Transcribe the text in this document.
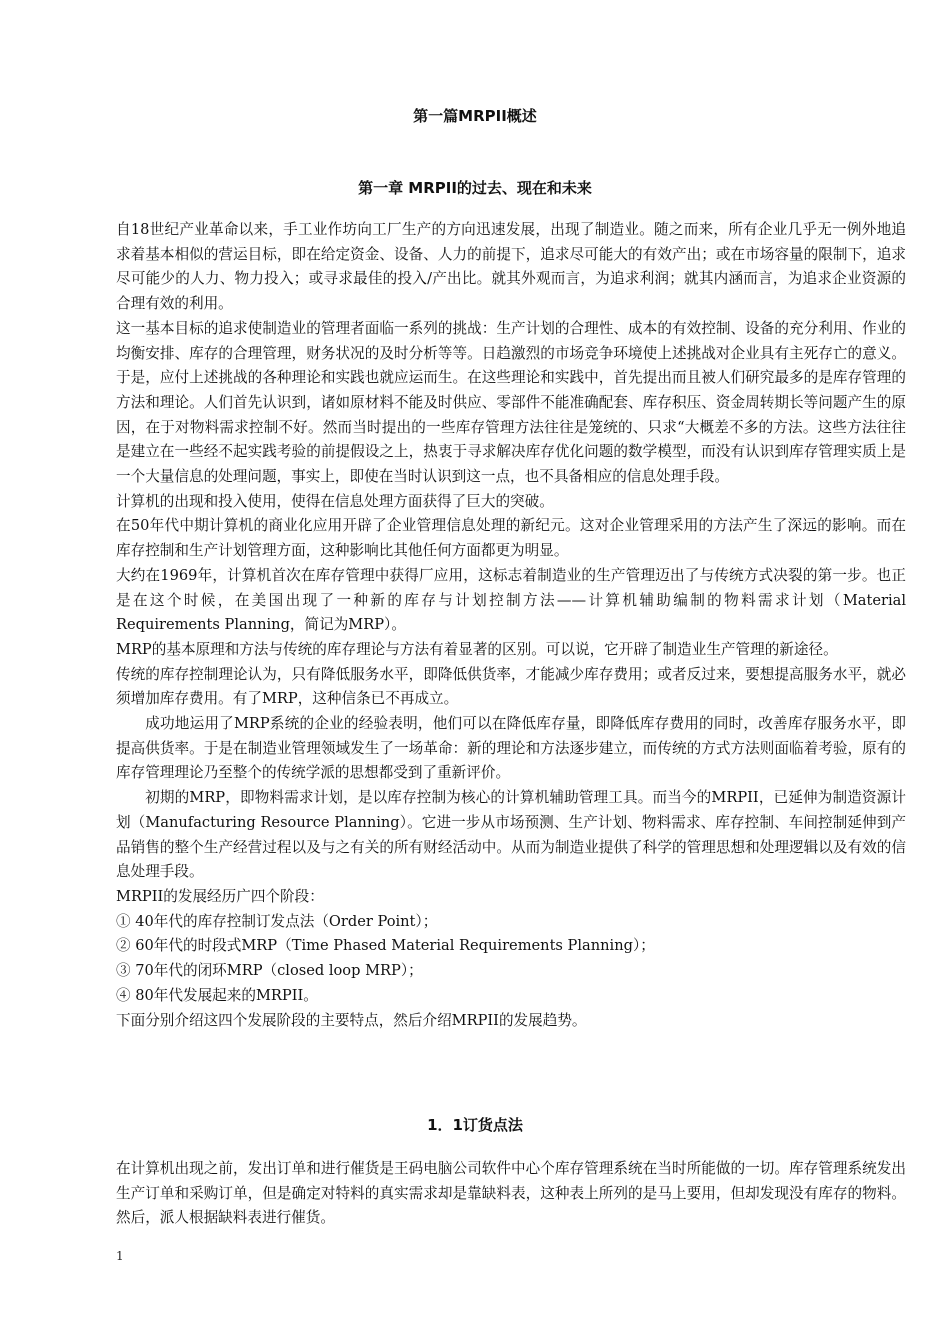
第一篇MRPII概述
第一章 MRPII的过去、现在和未来

自18世纪产业革命以来，手工业作坊向工厂生产的方向迅速发展，出现了制造业。随之而来，所有企业几乎无一例外地追求着基本相似的营运目标，即在给定资金、设备、人力的前提下，追求尽可能大的有效产出；或在市场容量的限制下，追求尽可能少的人力、物力投入；或寻求最佳的投入/产出比。就其外观而言，为追求利润；就其内涵而言，为追求企业资源的合理有效的利用。

这一基本目标的追求使制造业的管理者面临一系列的挑战：生产计划的合理性、成本的有效控制、设备的充分利用、作业的均衡安排、库存的合理管理，财务状况的及时分析等等。日趋激烈的市场竞争环境使上述挑战对企业具有主死存亡的意义。于是，应付上述挑战的各种理论和实践也就应运而生。在这些理论和实践中，首先提出而且被人们研究最多的是库存管理的方法和理论。人们首先认识到，诸如原材料不能及时供应、零部件不能准确配套、库存积压、资金周转期长等问题产生的原因，在于对物料需求控制不好。然而当时提出的一些库存管理方法往往是笼统的、只求“大概差不多的方法。这些方法往往是建立在一些经不起实践考验的前提假设之上，热衷于寻求解决库存优化问题的数学模型，而没有认识到库存管理实质上是一个大量信息的处理问题，事实上，即使在当时认识到这一点，也不具备相应的信息处理手段。

计算机的出现和投入使用，使得在信息处理方面获得了巨大的突破。

在50年代中期计算机的商业化应用开辟了企业管理信息处理的新纪元。这对企业管理采用的方法产生了深远的影响。而在库存控制和生产计划管理方面，这种影响比其他任何方面都更为明显。

大约在1969年，计算机首次在库存管理中获得厂应用，这标志着制造业的生产管理迈出了与传统方式决裂的第一步。也正是在这个时候，在美国出现了一种新的库存与计划控制方法——计算机辅助编制的物料需求计划（Material Requirements Planning，简记为MRP）。

MRP的基本原理和方法与传统的库存理论与方法有着显著的区别。可以说，它开辟了制造业生产管理的新途径。

传统的库存控制理论认为，只有降低服务水平，即降低供货率，才能减少库存费用；或者反过来，要想提高服务水平，就必须增加库存费用。有了MRP，这种信条已不再成立。

成功地运用了MRP系统的企业的经验表明，他们可以在降低库存量，即降低库存费用的同时，改善库存服务水平，即提高供货率。于是在制造业管理领域发生了一场革命：新的理论和方法逐步建立，而传统的方式方法则面临着考验，原有的库存管理理论乃至整个的传统学派的思想都受到了重新评价。

初期的MRP，即物料需求计划，是以库存控制为核心的计算机辅助管理工具。而当今的MRPII，已延伸为制造资源计划（Manufacturing Resource Planning）。它进一步从市场预测、生产计划、物料需求、库存控制、车间控制延伸到产品销售的整个生产经营过程以及与之有关的所有财经活动中。从而为制造业提供了科学的管理思想和处理逻辑以及有效的信息处理手段。

MRPII的发展经历广四个阶段：

① 40年代的库存控制订发点法（Order Point）；

② 60年代的时段式MRP（Time Phased Material Requirements Planning）；

③ 70年代的闭环MRP（closed loop MRP）；

④ 80年代发展起来的MRPII。

下面分别介绍这四个发展阶段的主要特点，然后介绍MRPII的发展趋势。

1．1订货点法

在计算机出现之前，发出订单和进行催货是王码电脑公司软件中心个库存管理系统在当时所能做的一切。库存管理系统发出生产订单和采购订单，但是确定对特料的真实需求却是靠缺料表，这种表上所列的是马上要用，但却发现没有库存的物料。然后，派人根据缺料表进行催货。

1
